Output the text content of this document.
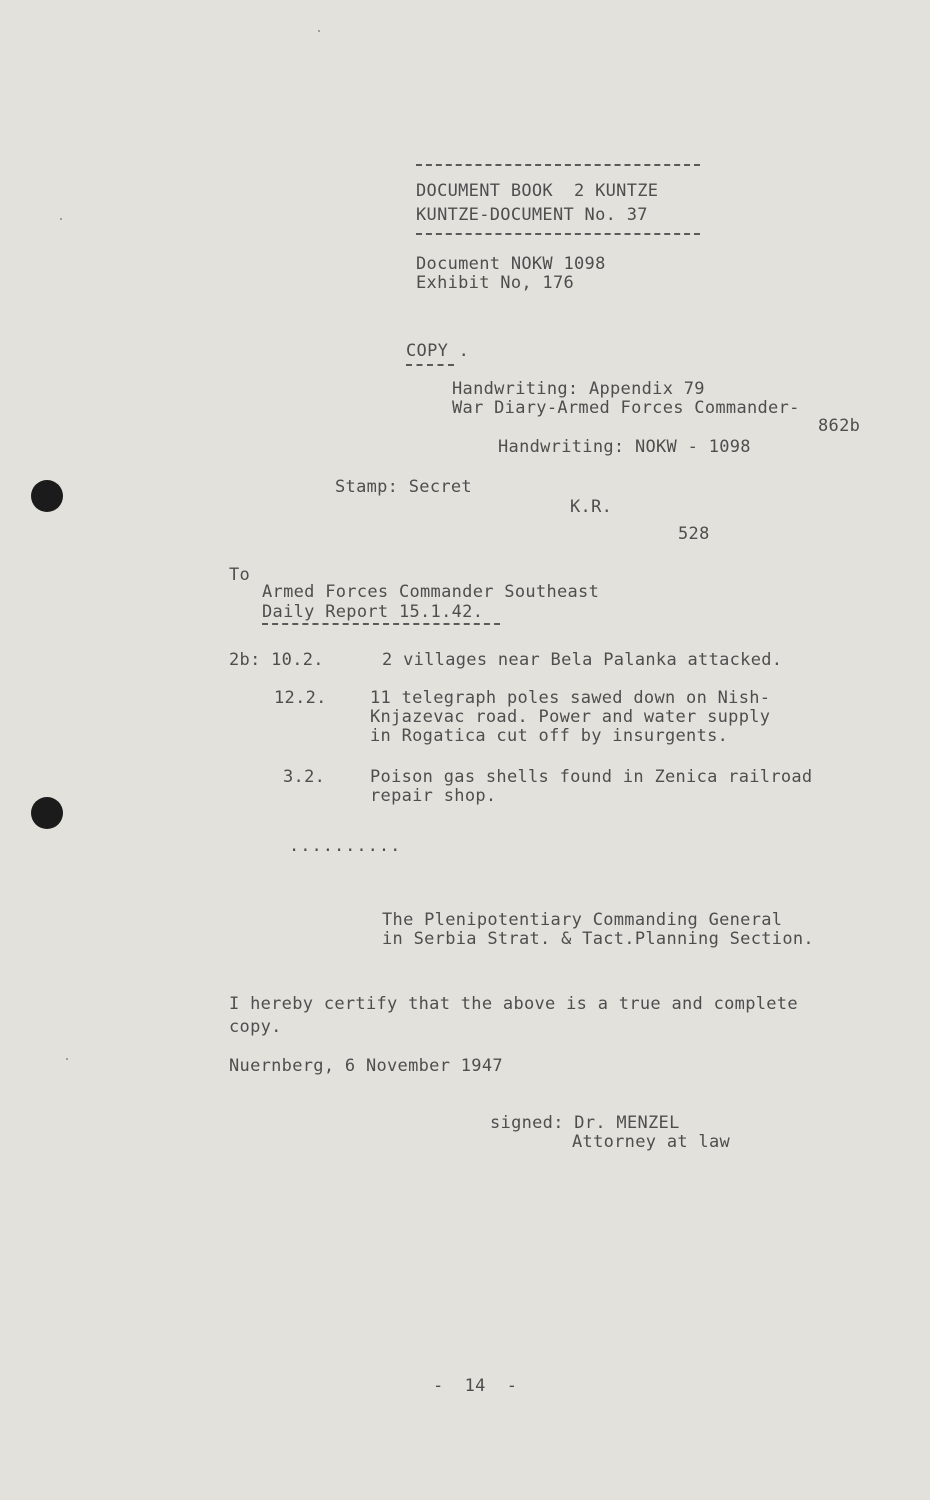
DOCUMENT BOOK  2 KUNTZE
KUNTZE-DOCUMENT No. 37
Document NOKW 1098
Exhibit No, 176
COPY .
Handwriting: Appendix 79
War Diary-Armed Forces Commander-
862b
Handwriting: NOKW - 1098
Stamp: Secret
K.R.
528
To
Armed Forces Commander Southeast
Daily Report 15.1.42.
2b: 10.2.	2 villages near Bela Palanka attacked.
12.2.	11 telegraph poles sawed down on Nish-
Knjazevac road. Power and water supply
in Rogatica cut off by insurgents.
3.2.	Poison gas shells found in Zenica railroad
repair shop.
..........
The Plenipotentiary Commanding General
in Serbia Strat. & Tact.Planning Section.
I hereby certify that the above is a true and complete
copy.
Nuernberg, 6 November 1947
signed: Dr. MENZEL
Attorney at law
-  14  -
